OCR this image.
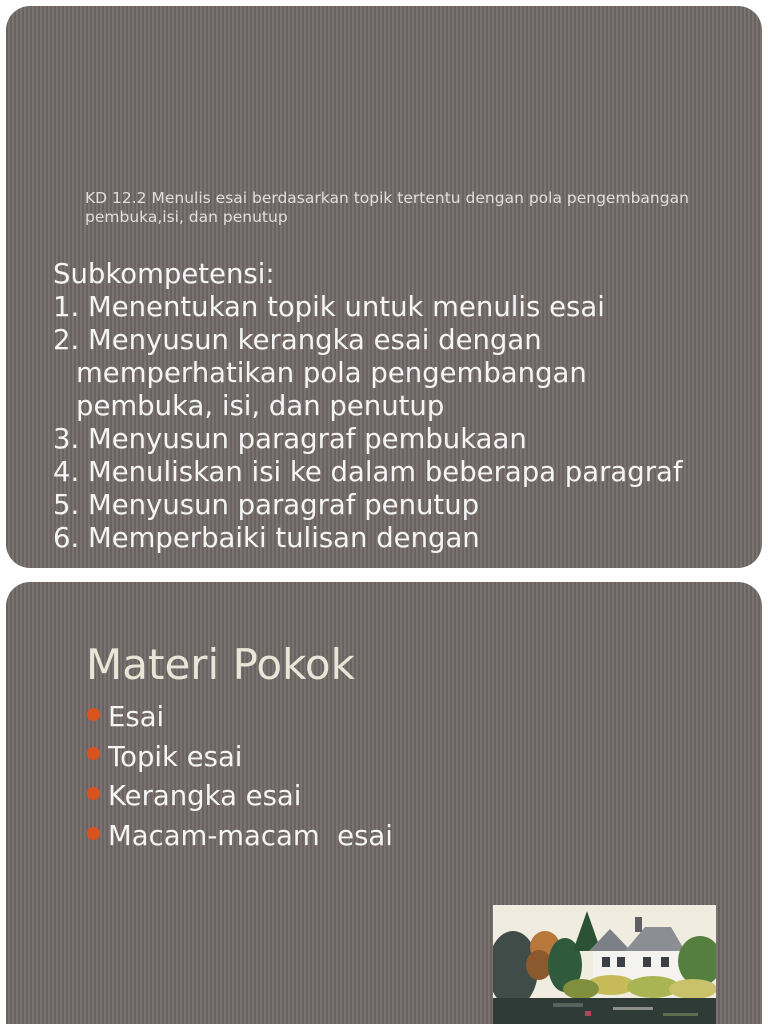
KD 12.2 Menulis esai berdasarkan topik tertentu dengan pola pengembangan pembuka,isi, dan penutup
Subkompetensi:
1. Menentukan topik untuk menulis esai
2. Menyusun kerangka esai dengan
memperhatikan pola pengembangan
pembuka, isi, dan penutup
3. Menyusun paragraf pembukaan
4. Menuliskan isi ke dalam beberapa paragraf
5. Menyusun paragraf penutup
6. Memperbaiki tulisan dengan
Materi Pokok
Esai
Topik esai
Kerangka esai
Macam-macam  esai
